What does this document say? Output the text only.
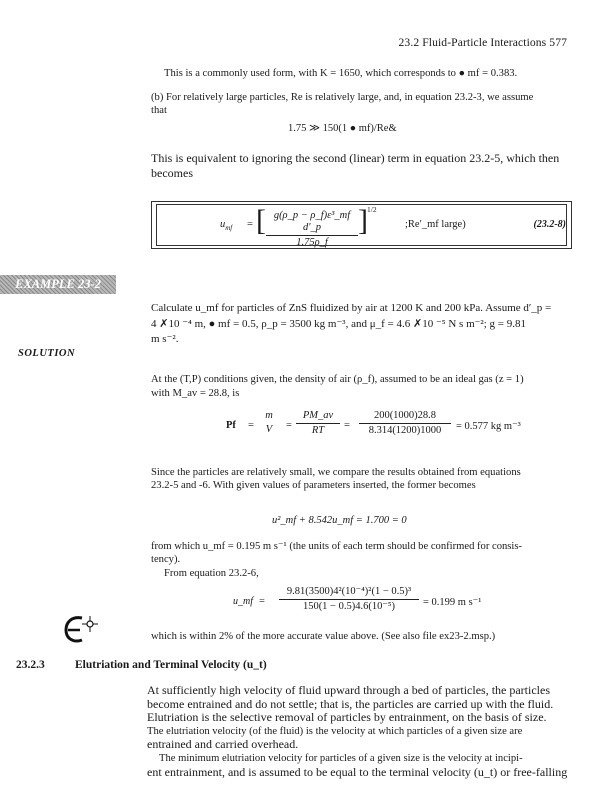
23.2 Fluid-Particle Interactions 577
This is a commonly used form, with K = 1650, which corresponds to ● mf = 0.383.
(b) For relatively large particles, Re is relatively large, and, in equation 23.2-3, we assume
that
1.75 ≫ 150(1 ● mf)/Re&
This is equivalent to ignoring the second (linear) term in equation 23.2-5, which then
becomes
$u_{mf}$ = [ $\frac{\text{g(ρ\_p − ρ\_f)ε³\_mf d′\_p}}{1.75\rho\_f}$ ] 1/2
;Re′_mf large)	(23.2-8)
EXAMPLE 23-2
Calculate u_mf for particles of ZnS fluidized by air at 1200 K and 200 kPa. Assume d′_p =
4 ✗10 ⁻⁴ m, ● mf = 0.5, ρ_p = 3500 kg m⁻³, and μ_f = 4.6 ✗10 ⁻⁵ N s m⁻²; g = 9.81
m s⁻².
SOLUTION
At the (T,P) conditions given, the density of air (ρ_f), assumed to be an ideal gas (z = 1)
with M_av = 28.8, is
Pf =
m
V	= $\frac{PM\_av}{RT} = \frac{200(1000)28.8}{8.314(1200)1000} = 0.577$ kg m⁻³
Since the particles are relatively small, we compare the results obtained from equations
23.2-5 and -6. With given values of parameters inserted, the former becomes
u²_mf + 8.542u_mf = 1.700 = 0
from which u_mf = 0.195 m s⁻¹ (the units of each term should be confirmed for consis-
tency).
From equation 23.2-6,
u_mf = $\frac{\text{9.81(3500)4²(10⁻⁴)²(1 − 0.5)³}}{\text{150(1 − 0.5)4.6(10⁻⁵)}} = 0.199$ m s⁻¹
which is within 2% of the more accurate value above. (See also file ex23-2.msp.)
23.2.3	Elutriation and Terminal Velocity (u_t)
At sufficiently high velocity of fluid upward through a bed of particles, the particles
become entrained and do not settle; that is, the particles are carried up with the fluid.
Elutriation is the selective removal of particles by entrainment, on the basis of size.
The elutriation velocity (of the fluid) is the velocity at which particles of a given size are
entrained and carried overhead.
The minimum elutriation velocity for particles of a given size is the velocity at incipi-
ent entrainment, and is assumed to be equal to the terminal velocity (u_t) or free-falling
